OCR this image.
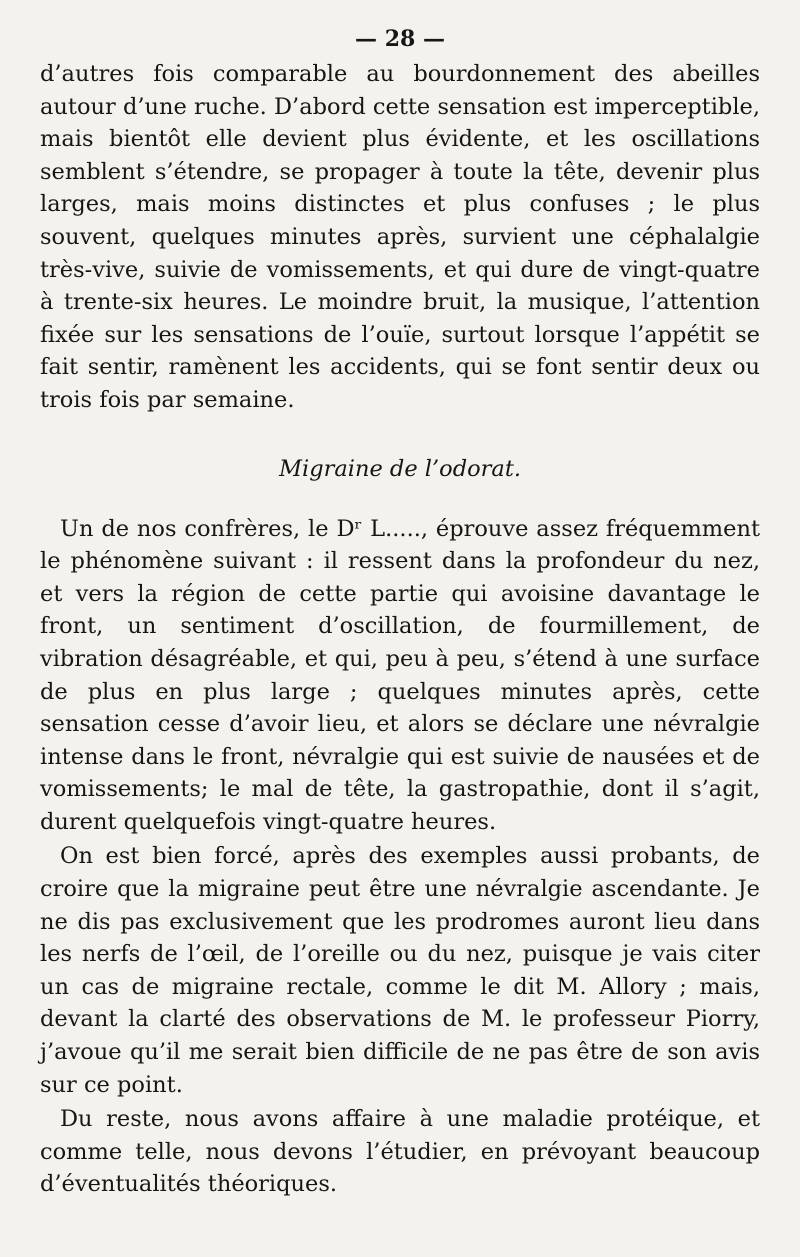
— 28 —

d’autres fois comparable au bourdonnement des abeilles autour d’une ruche. D’abord cette sensation est imperceptible, mais bientôt elle devient plus évidente, et les oscillations semblent s’étendre, se propager à toute la tête, devenir plus larges, mais moins distinctes et plus confuses ; le plus souvent, quelques minutes après, survient une céphalalgie très-vive, suivie de vomissements, et qui dure de vingt-quatre à trente-six heures. Le moindre bruit, la musique, l’attention fixée sur les sensations de l’ouïe, surtout lorsque l’appétit se fait sentir, ramènent les accidents, qui se font sentir deux ou trois fois par semaine.

Migraine de l’odorat.

Un de nos confrères, le Dʳ L....., éprouve assez fréquemment le phénomène suivant : il ressent dans la profondeur du nez, et vers la région de cette partie qui avoisine davantage le front, un sentiment d’oscillation, de fourmillement, de vibration désagréable, et qui, peu à peu, s’étend à une surface de plus en plus large ; quelques minutes après, cette sensation cesse d’avoir lieu, et alors se déclare une névralgie intense dans le front, névralgie qui est suivie de nausées et de vomissements; le mal de tête, la gastropathie, dont il s’agit, durent quelquefois vingt-quatre heures.

On est bien forcé, après des exemples aussi probants, de croire que la migraine peut être une névralgie ascendante. Je ne dis pas exclusivement que les prodromes auront lieu dans les nerfs de l’œil, de l’oreille ou du nez, puisque je vais citer un cas de migraine rectale, comme le dit M. Allory ; mais, devant la clarté des observations de M. le professeur Piorry, j’avoue qu’il me serait bien difficile de ne pas être de son avis sur ce point.

Du reste, nous avons affaire à une maladie protéique, et comme telle, nous devons l’étudier, en prévoyant beaucoup d’éventualités théoriques.
